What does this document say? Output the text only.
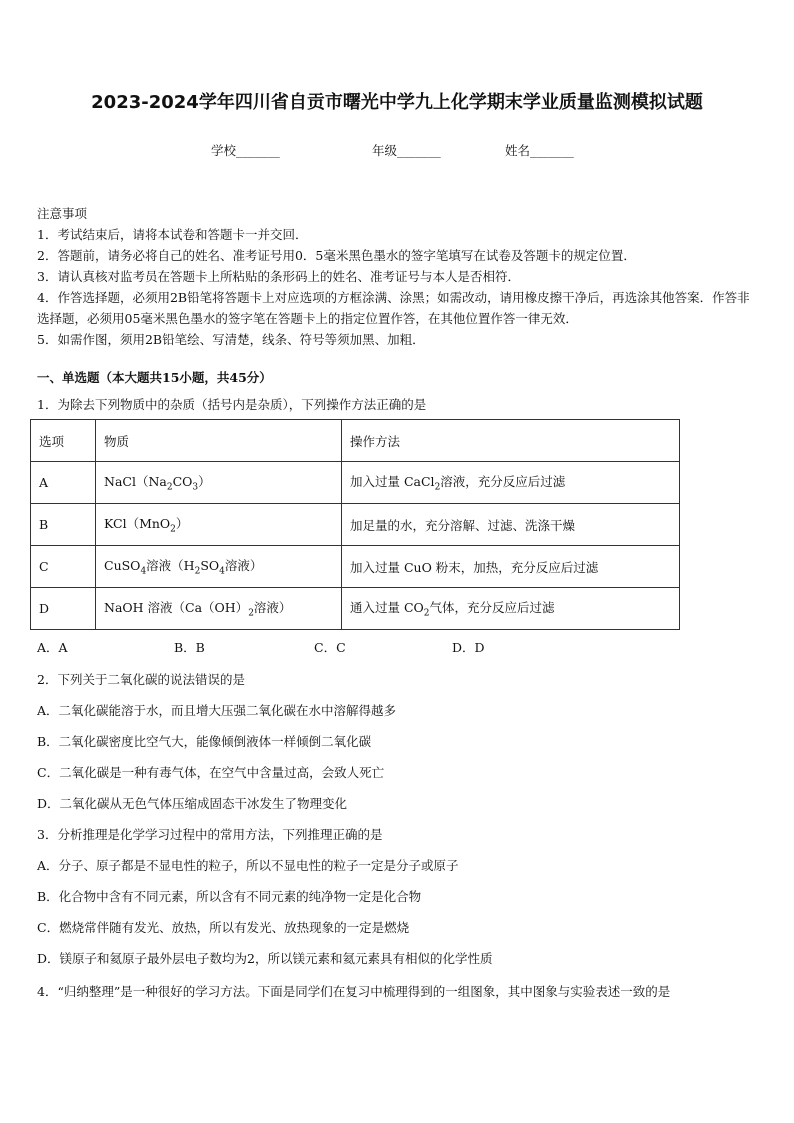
2023-2024学年四川省自贡市曙光中学九上化学期末学业质量监测模拟试题
学校_______	年级_______	姓名_______
注意事项

1．考试结束后，请将本试卷和答题卡一并交回．

2．答题前，请务必将自己的姓名、准考证号用0．5毫米黑色墨水的签字笔填写在试卷及答题卡的规定位置．

3．请认真核对监考员在答题卡上所粘贴的条形码上的姓名、准考证号与本人是否相符．

4．作答选择题，必须用2B铅笔将答题卡上对应选项的方框涂满、涂黑；如需改动，请用橡皮擦干净后，再选涂其他答案．作答非选择题，必须用05毫米黑色墨水的签字笔在答题卡上的指定位置作答，在其他位置作答一律无效．

5．如需作图，须用2B铅笔绘、写清楚，线条、符号等须加黑、加粗．

一、单选题（本大题共15小题，共45分）
1．为除去下列物质中的杂质（括号内是杂质），下列操作方法正确的是
选项	物质	操作方法
A	$NaCl(Na_2CO_3)$	加入过量 CaCl$_2$溶液，充分反应后过滤
B	KCl（MnO$_2$）	加足量的水，充分溶解、过滤、洗涤干燥
C	CuSO$_4$溶液（$H_2SO_4$溶液）	加入过量 CuO 粉末，加热，充分反应后过滤
D	NaOH 溶液（$Ca(OH)_2$溶液）	通入过量 $CO_2$气体，充分反应后过滤
A．A	B．B	C．C	D．D
2．下列关于二氧化碳的说法错误的是
A．二氧化碳能溶于水，而且增大压强二氧化碳在水中溶解得越多
B．二氧化碳密度比空气大，能像倾倒液体一样倾倒二氧化碳
C．二氧化碳是一种有毒气体，在空气中含量过高，会致人死亡
D．二氧化碳从无色气体压缩成固态干冰发生了物理变化
3．分析推理是化学学习过程中的常用方法，下列推理正确的是
A．分子、原子都是不显电性的粒子，所以不显电性的粒子一定是分子或原子
B．化合物中含有不同元素，所以含有不同元素的纯净物一定是化合物
C．燃烧常伴随有发光、放热，所以有发光、放热现象的一定是燃烧
D．镁原子和氦原子最外层电子数均为2，所以镁元素和氦元素具有相似的化学性质
4．“归纳整理”是一种很好的学习方法。下面是同学们在复习中梳理得到的一组图象，其中图象与实验表述一致的是
